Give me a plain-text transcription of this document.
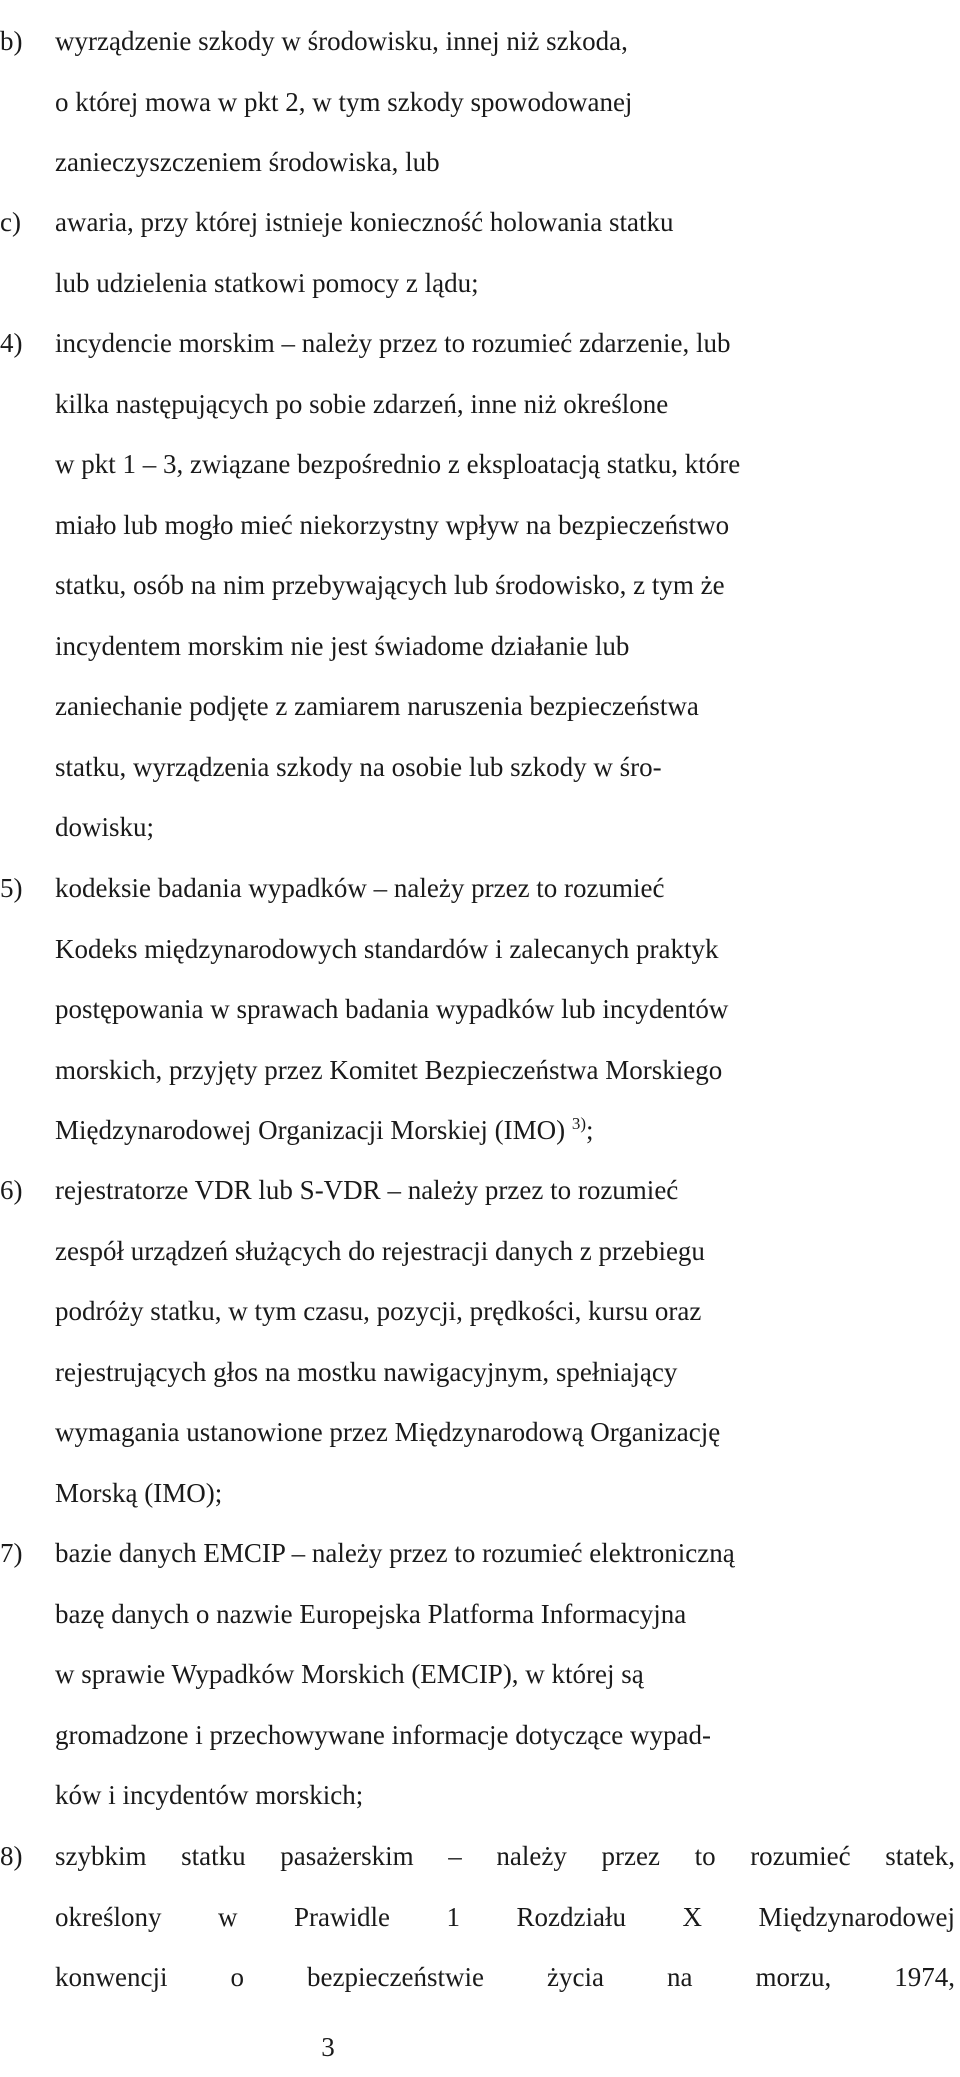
b) wyrządzenie szkody w środowisku, innej niż szkoda,
o której mowa w pkt 2, w tym szkody spowodowanej
zanieczyszczeniem środowiska, lub
c) awaria, przy której istnieje konieczność holowania statku
lub udzielenia statkowi pomocy z lądu;
4) incydencie morskim – należy przez to rozumieć zdarzenie, lub
kilka następujących po sobie zdarzeń, inne niż określone
w pkt 1 – 3, związane bezpośrednio z eksploatacją statku, które
miało lub mogło mieć niekorzystny wpływ na bezpieczeństwo
statku, osób na nim przebywających lub środowisko, z tym że
incydentem morskim nie jest świadome działanie lub
zaniechanie podjęte z zamiarem naruszenia bezpieczeństwa
statku, wyrządzenia szkody na osobie lub szkody w śro-
dowisku;
5) kodeksie badania wypadków – należy przez to rozumieć
Kodeks międzynarodowych standardów i zalecanych praktyk
postępowania w sprawach badania wypadków lub incydentów
morskich, przyjęty przez Komitet Bezpieczeństwa Morskiego
Międzynarodowej Organizacji Morskiej (IMO) $^{3)}$;
6) rejestratorze VDR lub S-VDR – należy przez to rozumieć
zespół urządzeń służących do rejestracji danych z przebiegu
podróży statku, w tym czasu, pozycji, prędkości, kursu oraz
rejestrujących głos na mostku nawigacyjnym, spełniający
wymagania ustanowione przez Międzynarodową Organizację
Morską (IMO);
7) bazie danych EMCIP – należy przez to rozumieć elektroniczną
bazę danych o nazwie Europejska Platforma Informacyjna
w sprawie Wypadków Morskich (EMCIP), w której są
gromadzone i przechowywane informacje dotyczące wypad-
ków i incydentów morskich;
8) szybkim statku pasażerskim – należy przez to rozumieć statek,
określony w Prawidle 1 Rozdziału X Międzynarodowej
konwencji o bezpieczeństwie życia na morzu, 1974,
3
